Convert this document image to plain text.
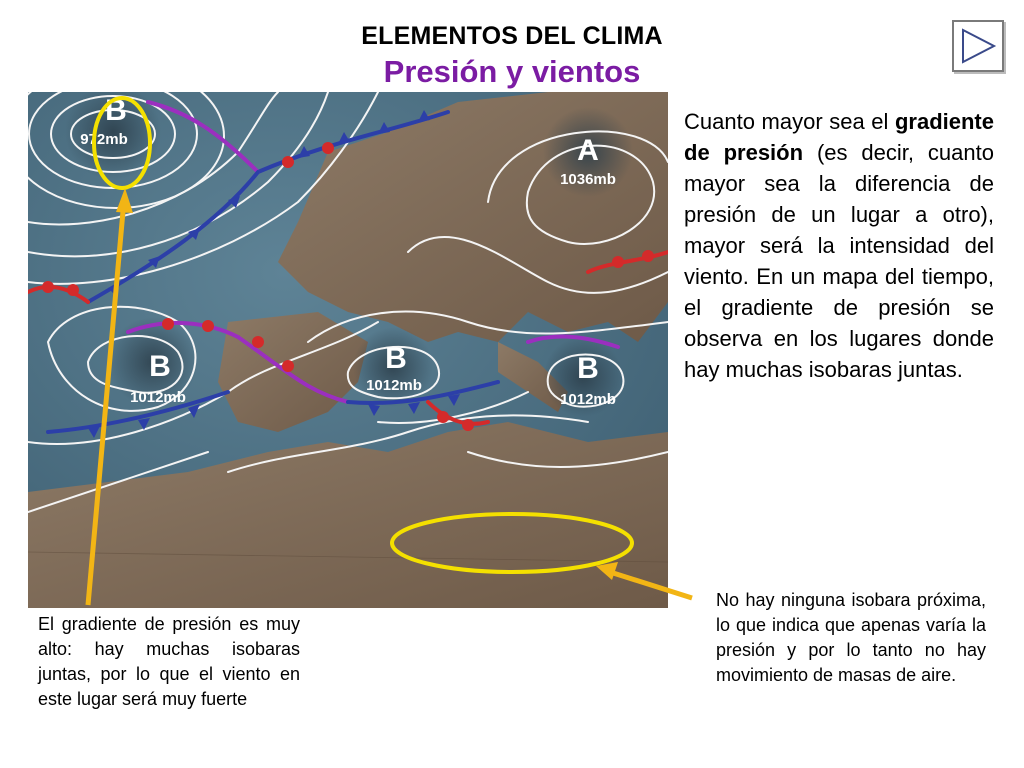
ELEMENTOS DEL CLIMA
Presión y vientos
B
972mb	A
1036mb
B
1012mb
B
1012mb
B
1012mb
Cuanto mayor sea el gradiente de presión (es decir, cuanto mayor sea la diferencia de presión de un lugar a otro), mayor será la intensidad del viento. En un mapa del tiempo, el gradiente de presión se observa en los lugares donde hay muchas isobaras juntas.
El gradiente de presión es muy alto: hay muchas isobaras juntas, por lo que el viento en este lugar será muy fuerte
No hay ninguna isobara próxima, lo que indica que apenas varía la presión y por lo tanto no hay movimiento de masas de aire.
